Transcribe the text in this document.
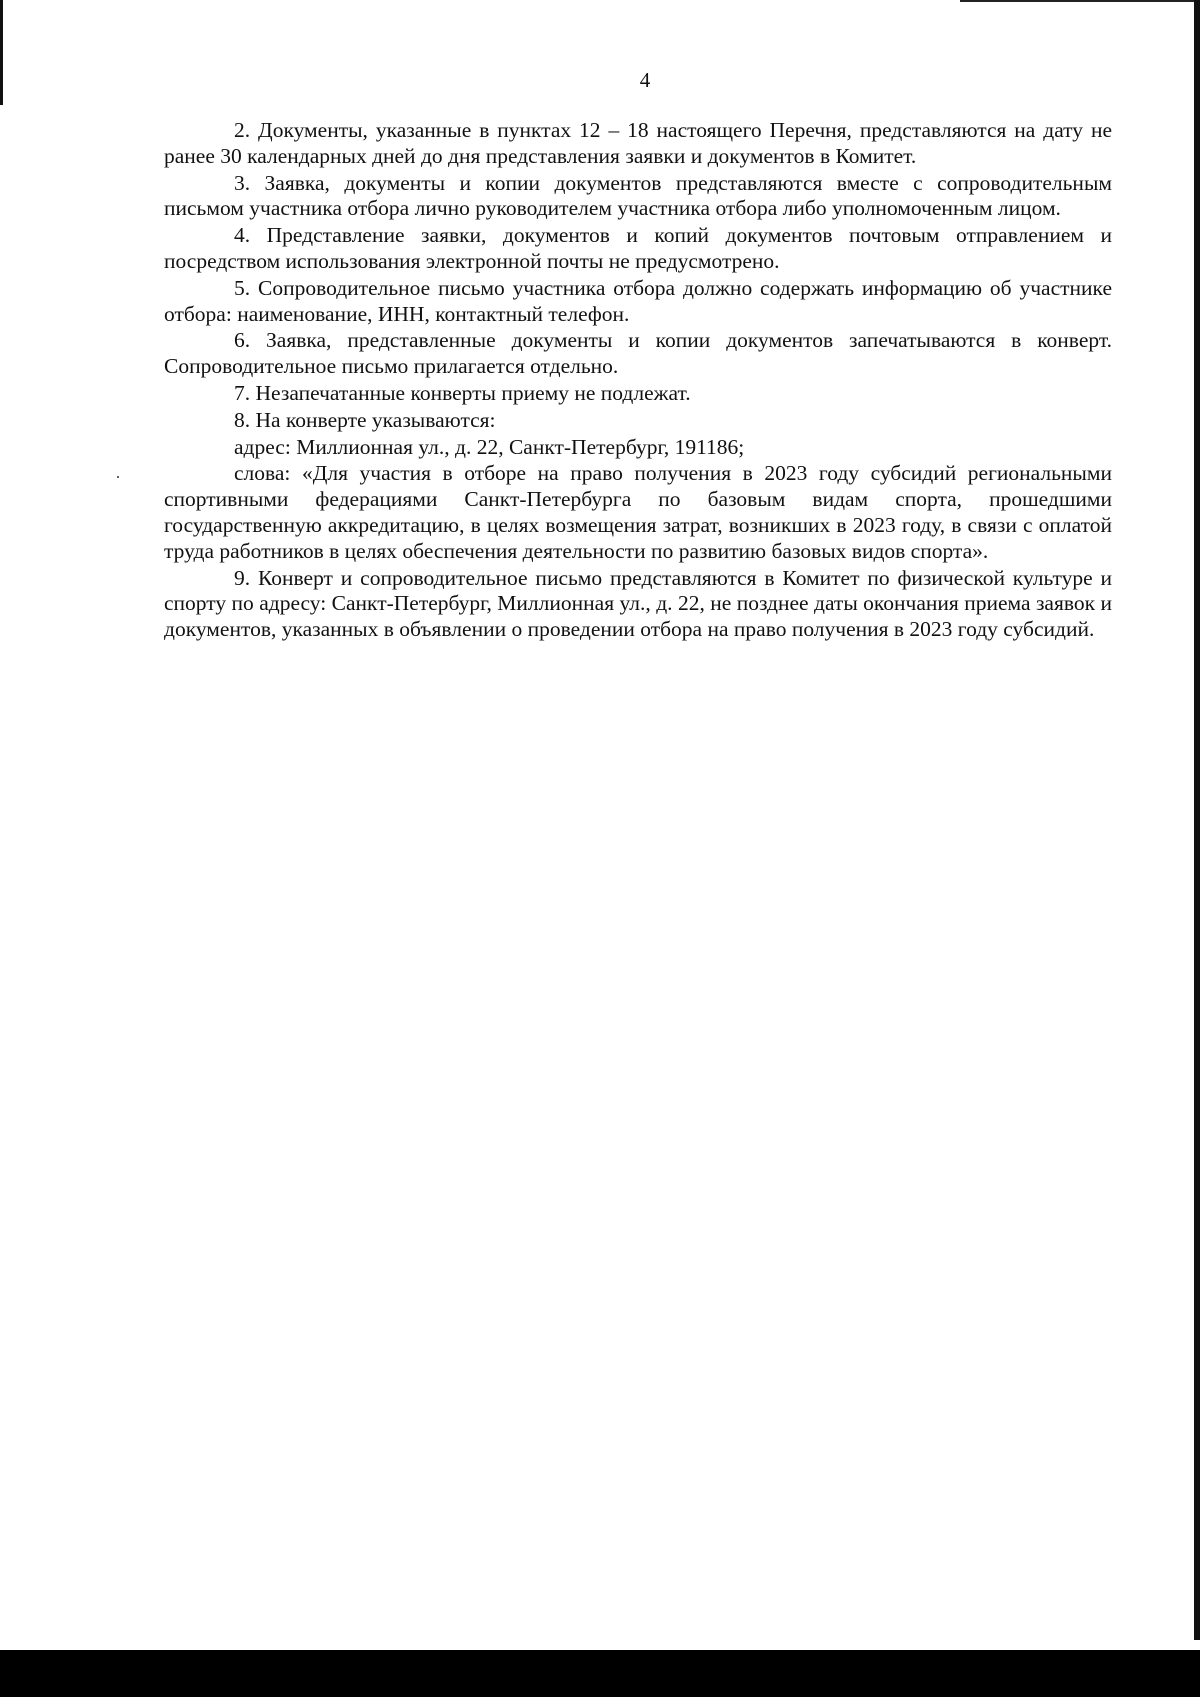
4

2. Документы, указанные в пунктах 12 – 18 настоящего Перечня, представляются на дату не ранее 30 календарных дней до дня представления заявки и документов в Комитет.

3. Заявка, документы и копии документов представляются вместе с сопроводительным письмом участника отбора лично руководителем участника отбора либо уполномоченным лицом.

4. Представление заявки, документов и копий документов почтовым отправлением и посредством использования электронной почты не предусмотрено.

5. Сопроводительное письмо участника отбора должно содержать информацию об участнике отбора: наименование, ИНН, контактный телефон.

6. Заявка, представленные документы и копии документов запечатываются в конверт. Сопроводительное письмо прилагается отдельно.

7. Незапечатанные конверты приему не подлежат.

8. На конверте указываются:

адрес: Миллионная ул., д. 22, Санкт-Петербург, 191186;

слова: «Для участия в отборе на право получения в 2023 году субсидий региональными спортивными федерациями Санкт-Петербурга по базовым видам спорта, прошедшими государственную аккредитацию, в целях возмещения затрат, возникших в 2023 году, в связи с оплатой труда работников в целях обеспечения деятельности по развитию базовых видов спорта».

9. Конверт и сопроводительное письмо представляются в Комитет по физической культуре и спорту по адресу: Санкт-Петербург, Миллионная ул., д. 22, не позднее даты окончания приема заявок и документов, указанных в объявлении о проведении отбора на право получения в 2023 году субсидий.
